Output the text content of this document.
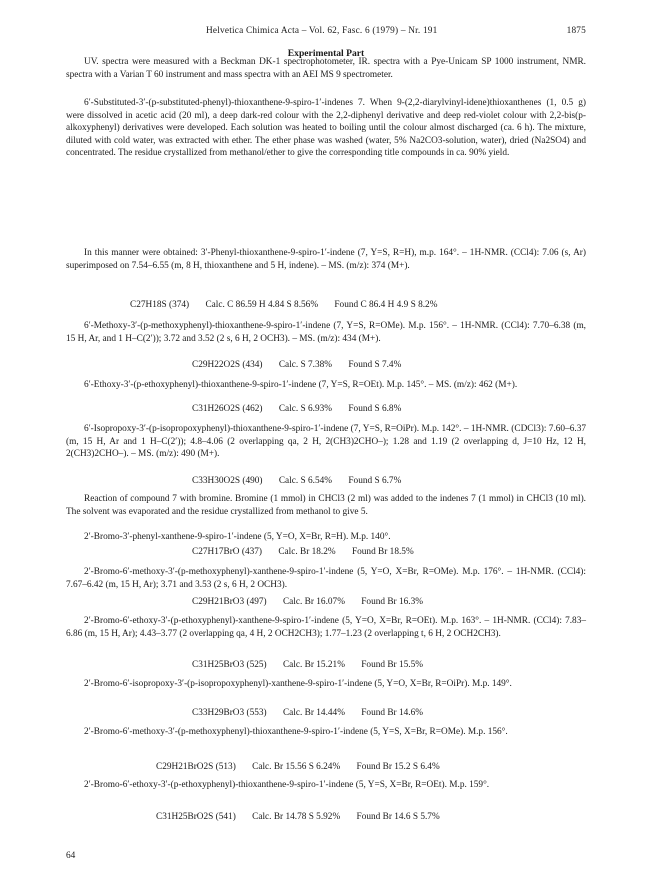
Helvetica Chimica Acta – Vol. 62, Fasc. 6 (1979) – Nr. 191	1875
Experimental Part

UV. spectra were measured with a Beckman DK-1 spectrophotometer, IR. spectra with a Pye-Unicam SP 1000 instrument, NMR. spectra with a Varian T 60 instrument and mass spectra with an AEI MS 9 spectrometer.

6′-Substituted-3′-(p-substituted-phenyl)-thioxanthene-9-spiro-1′-indenes 7. When 9-(2,2-diarylvinyl-idene)thioxanthenes (1, 0.5 g) were dissolved in acetic acid (20 ml), a deep dark-red colour with the 2,2-diphenyl derivative and deep red-violet colour with 2,2-bis(p-alkoxyphenyl) derivatives were developed. Each solution was heated to boiling until the colour almost discharged (ca. 6 h). The mixture, diluted with cold water, was extracted with ether. The ether phase was washed (water, 5% Na2CO3-solution, water), dried (Na2SO4) and concentrated. The residue crystallized from methanol/ether to give the corresponding title compounds in ca. 90% yield.

In this manner were obtained: 3′-Phenyl-thioxanthene-9-spiro-1′-indene (7, Y=S, R=H), m.p. 164°. – 1H-NMR. (CCl4): 7.06 (s, Ar) superimposed on 7.54–6.55 (m, 8 H, thioxanthene and 5 H, indene). – MS. (m/z): 374 (M+).

C27H18S (374) Calc. C 86.59 H 4.84 S 8.56% Found C 86.4 H 4.9 S 8.2%

6′-Methoxy-3′-(p-methoxyphenyl)-thioxanthene-9-spiro-1′-indene (7, Y=S, R=OMe). M.p. 156°. – 1H-NMR. (CCl4): 7.70–6.38 (m, 15 H, Ar, and 1 H–C(2′)); 3.72 and 3.52 (2 s, 6 H, 2 OCH3). – MS. (m/z): 434 (M+).

C29H22O2S (434) Calc. S 7.38% Found S 7.4%

6′-Ethoxy-3′-(p-ethoxyphenyl)-thioxanthene-9-spiro-1′-indene (7, Y=S, R=OEt). M.p. 145°. – MS. (m/z): 462 (M+).

C31H26O2S (462) Calc. S 6.93% Found S 6.8%

6′-Isopropoxy-3′-(p-isopropoxyphenyl)-thioxanthene-9-spiro-1′-indene (7, Y=S, R=OiPr). M.p. 142°. – 1H-NMR. (CDCl3): 7.60–6.37 (m, 15 H, Ar and 1 H–C(2′)); 4.8–4.06 (2 overlapping qa, 2 H, 2(CH3)2CHO–); 1.28 and 1.19 (2 overlapping d, J=10 Hz, 12 H, 2(CH3)2CHO–). – MS. (m/z): 490 (M+).

C33H30O2S (490) Calc. S 6.54% Found S 6.7%

Reaction of compound 7 with bromine. Bromine (1 mmol) in CHCl3 (2 ml) was added to the indenes 7 (1 mmol) in CHCl3 (10 ml). The solvent was evaporated and the residue crystallized from methanol to give 5.

2′-Bromo-3′-phenyl-xanthene-9-spiro-1′-indene (5, Y=O, X=Br, R=H). M.p. 140°.

C27H17BrO (437) Calc. Br 18.2% Found Br 18.5%

2′-Bromo-6′-methoxy-3′-(p-methoxyphenyl)-xanthene-9-spiro-1′-indene (5, Y=O, X=Br, R=OMe). M.p. 176°. – 1H-NMR. (CCl4): 7.67–6.42 (m, 15 H, Ar); 3.71 and 3.53 (2 s, 6 H, 2 OCH3).

C29H21BrO3 (497) Calc. Br 16.07% Found Br 16.3%

2′-Bromo-6′-ethoxy-3′-(p-ethoxyphenyl)-xanthene-9-spiro-1′-indene (5, Y=O, X=Br, R=OEt). M.p. 163°. – 1H-NMR. (CCl4): 7.83–6.86 (m, 15 H, Ar); 4.43–3.77 (2 overlapping qa, 4 H, 2 OCH2CH3); 1.77–1.23 (2 overlapping t, 6 H, 2 OCH2CH3).

C31H25BrO3 (525) Calc. Br 15.21% Found Br 15.5%

2′-Bromo-6′-isopropoxy-3′-(p-isopropoxyphenyl)-xanthene-9-spiro-1′-indene (5, Y=O, X=Br, R=OiPr). M.p. 149°.

C33H29BrO3 (553) Calc. Br 14.44% Found Br 14.6%

2′-Bromo-6′-methoxy-3′-(p-methoxyphenyl)-thioxanthene-9-spiro-1′-indene (5, Y=S, X=Br, R=OMe). M.p. 156°.

C29H21BrO2S (513) Calc. Br 15.56 S 6.24% Found Br 15.2 S 6.4%

2′-Bromo-6′-ethoxy-3′-(p-ethoxyphenyl)-thioxanthene-9-spiro-1′-indene (5, Y=S, X=Br, R=OEt). M.p. 159°.

C31H25BrO2S (541) Calc. Br 14.78 S 5.92% Found Br 14.6 S 5.7%
64
